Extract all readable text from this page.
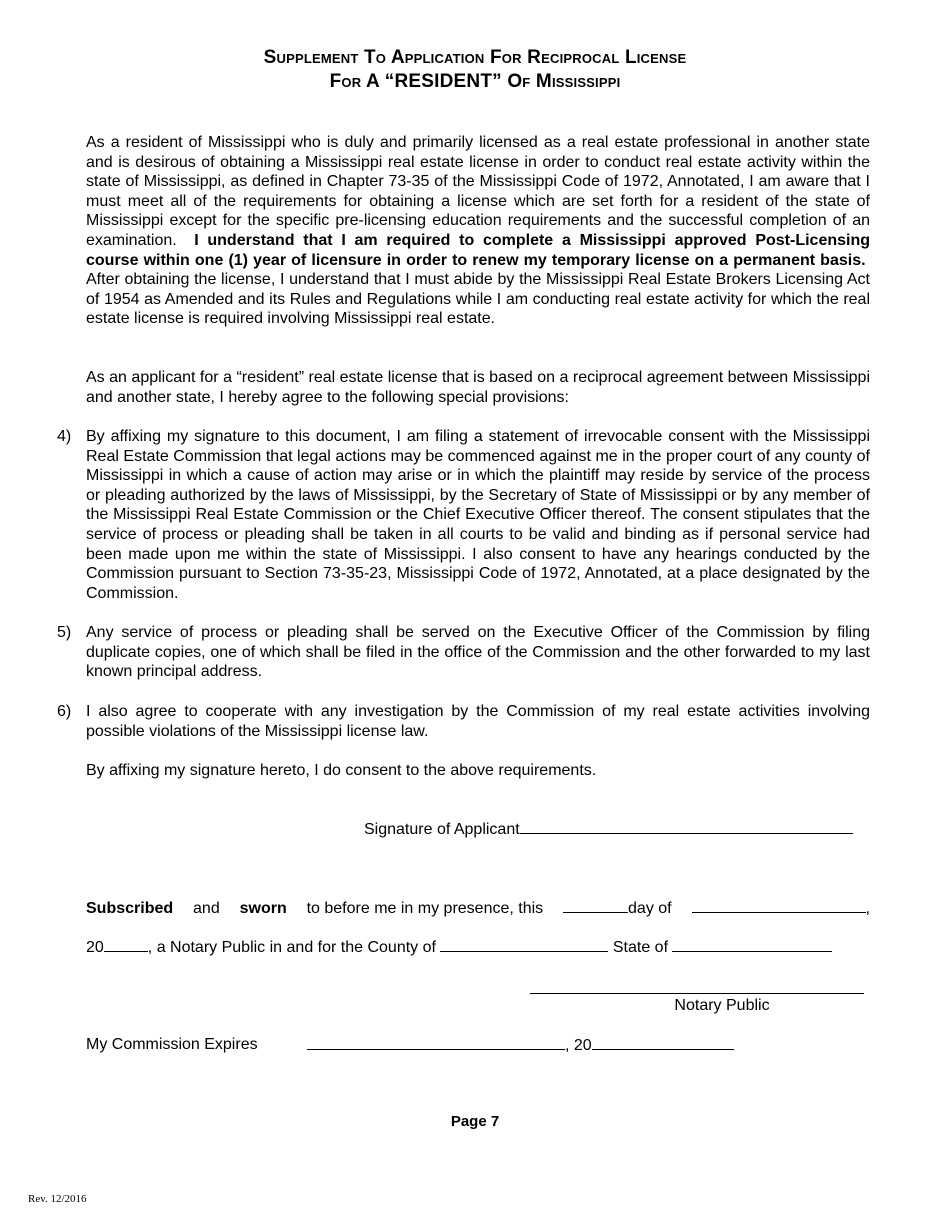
Supplement To Application For Reciprocal License
For A “RESIDENT” Of Mississippi
As a resident of Mississippi who is duly and primarily licensed as a real estate professional in another state and is desirous of obtaining a Mississippi real estate license in order to conduct real estate activity within the state of Mississippi, as defined in Chapter 73-35 of the Mississippi Code of 1972, Annotated, I am aware that I must meet all of the requirements for obtaining a license which are set forth for a resident of the state of Mississippi except for the specific pre-licensing education requirements and the successful completion of an examination. I understand that I am required to complete a Mississippi approved Post-Licensing course within one (1) year of licensure in order to renew my temporary license on a permanent basis.  After obtaining the license, I understand that I must abide by the Mississippi Real Estate Brokers Licensing Act of 1954 as Amended and its Rules and Regulations while I am conducting real estate activity for which the real estate license is required involving Mississippi real estate.
As an applicant for a “resident” real estate license that is based on a reciprocal agreement between Mississippi and another state, I hereby agree to the following special provisions:
4) By affixing my signature to this document, I am filing a statement of irrevocable consent with the Mississippi Real Estate Commission that legal actions may be commenced against me in the proper court of any county of Mississippi in which a cause of action may arise or in which the plaintiff may reside by service of the process or pleading authorized by the laws of Mississippi, by the Secretary of State of Mississippi or by any member of the Mississippi Real Estate Commission or the Chief Executive Officer thereof. The consent stipulates that the service of process or pleading shall be taken in all courts to be valid and binding as if personal service had been made upon me within the state of Mississippi. I also consent to have any hearings conducted by the Commission pursuant to Section 73-35-23, Mississippi Code of 1972, Annotated, at a place designated by the Commission.
5) Any service of process or pleading shall be served on the Executive Officer of the Commission by filing duplicate copies, one of which shall be filed in the office of the Commission and the other forwarded to my last known principal address.
6) I also agree to cooperate with any investigation by the Commission of my real estate activities involving possible violations of the Mississippi license law.
By affixing my signature hereto, I do consent to the above requirements.
Signature of Applicant
Subscribed and sworn to before me in my presence, this	day of	,
20	, a Notary Public in and for the County of	State of
Notary Public
My Commission Expires	, 20
Page 7
Rev. 12/2016
